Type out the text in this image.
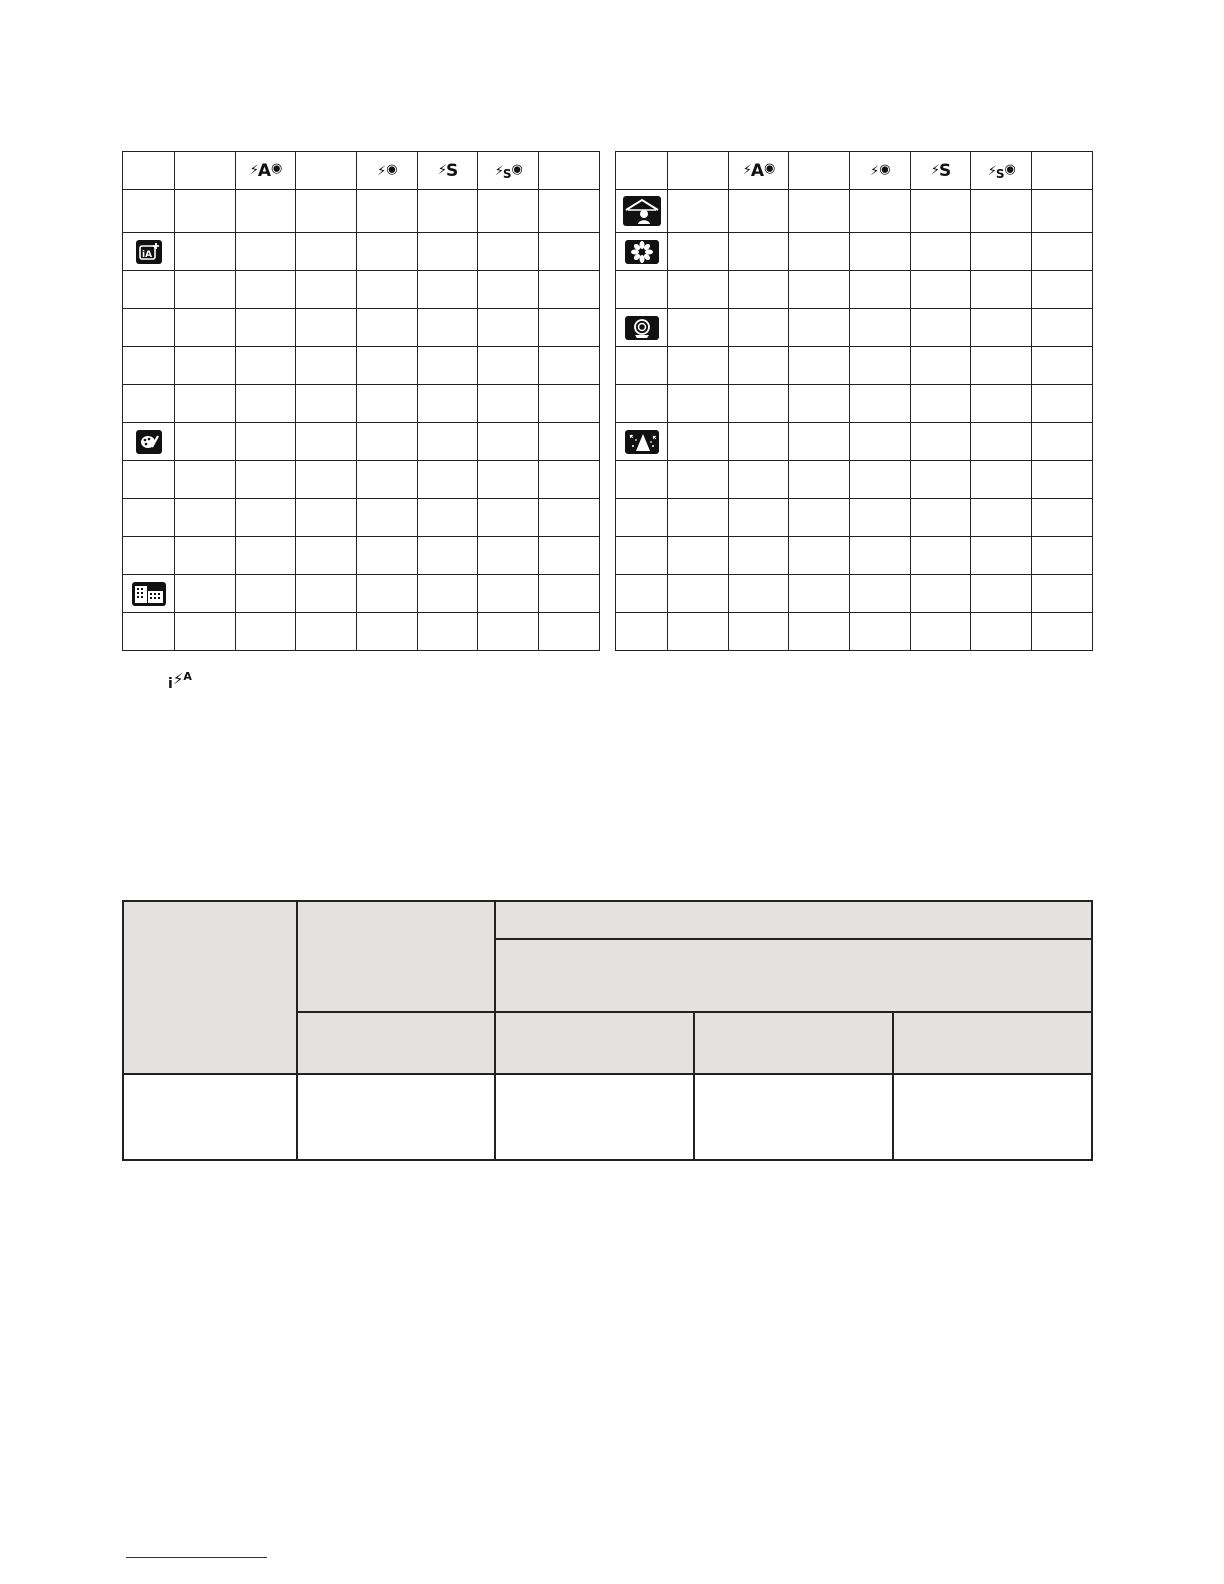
		⚡ A ◉		⚡ ◉	⚡ S	⚡ S ◉	

iA							

		⚡ A ◉		⚡ ◉	⚡ S	⚡ S ◉	

i⚡$^A$
